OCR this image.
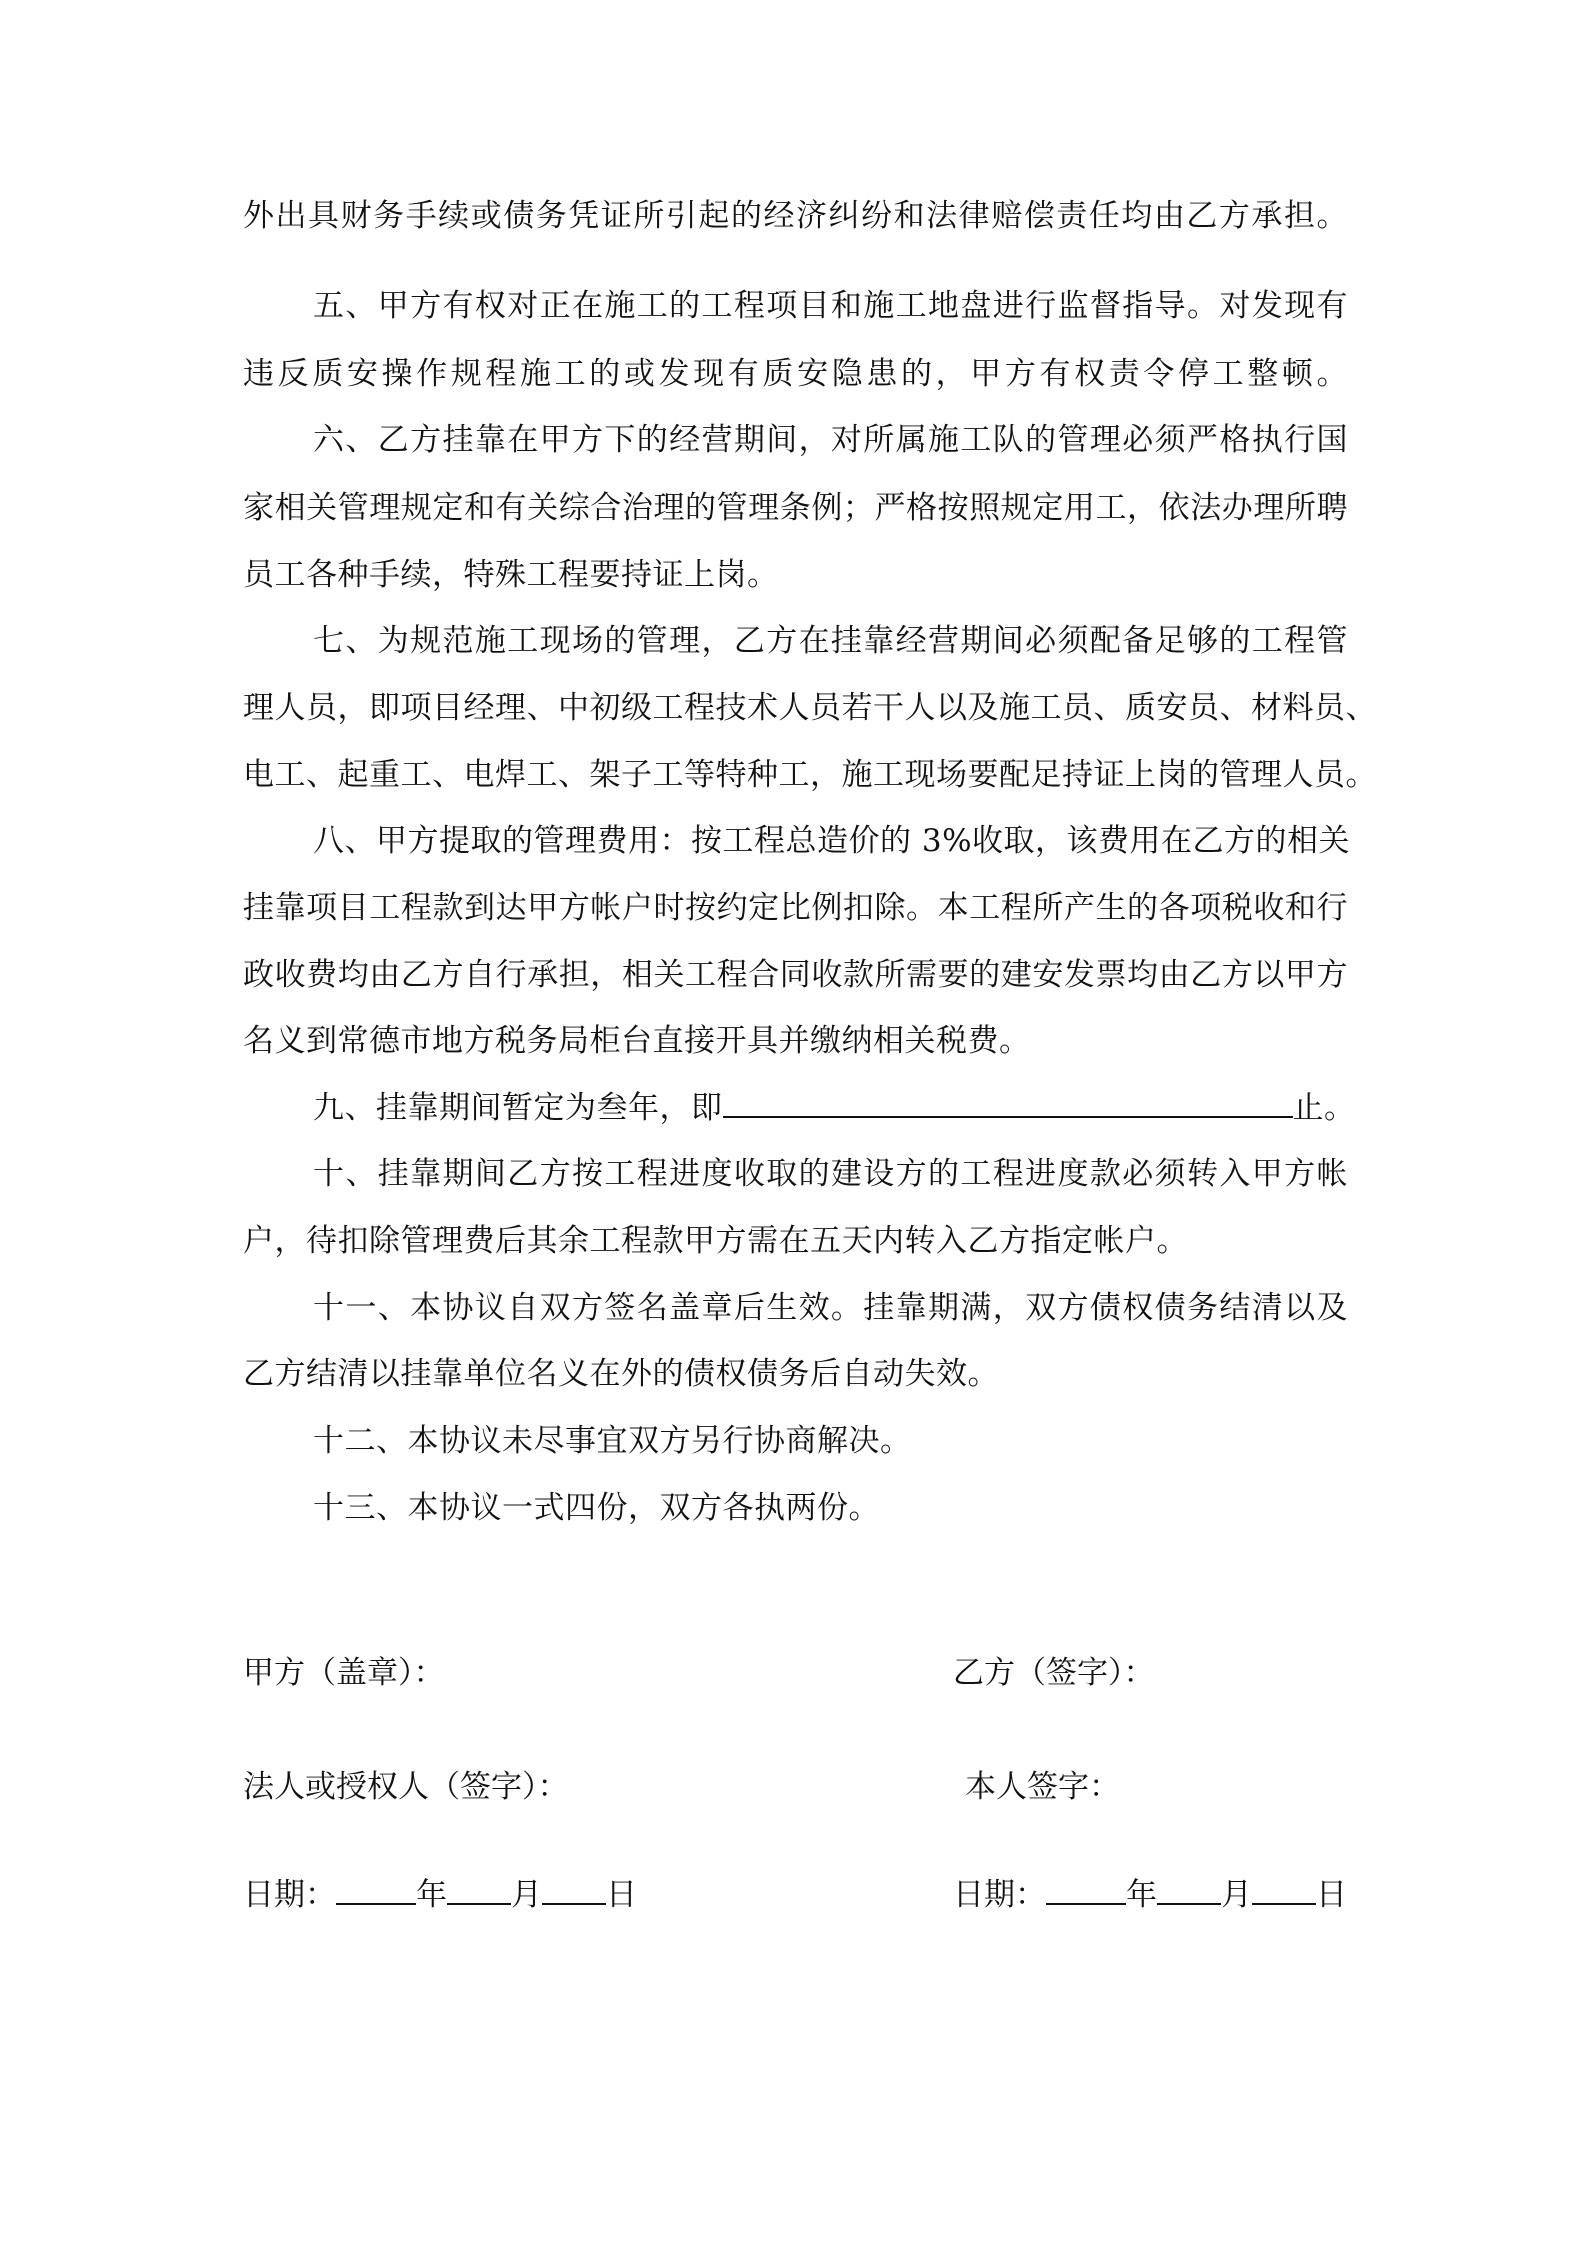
外出具财务手续或债务凭证所引起的经济纠纷和法律赔偿责任均由乙方承担。
五、甲方有权对正在施工的工程项目和施工地盘进行监督指导。对发现有
违反质安操作规程施工的或发现有质安隐患的，甲方有权责令停工整顿。
六、乙方挂靠在甲方下的经营期间，对所属施工队的管理必须严格执行国
家相关管理规定和有关综合治理的管理条例；严格按照规定用工，依法办理所聘
员工各种手续，特殊工程要持证上岗。
七、为规范施工现场的管理，乙方在挂靠经营期间必须配备足够的工程管
理人员，即项目经理、中初级工程技术人员若干人以及施工员、质安员、材料员、
电工、起重工、电焊工、架子工等特种工，施工现场要配足持证上岗的管理人员。
八、甲方提取的管理费用：按工程总造价的 3%收取，该费用在乙方的相关
挂靠项目工程款到达甲方帐户时按约定比例扣除。本工程所产生的各项税收和行
政收费均由乙方自行承担，相关工程合同收款所需要的建安发票均由乙方以甲方
名义到常德市地方税务局柜台直接开具并缴纳相关税费。
九、挂靠期间暂定为叁年，即	止。
十、挂靠期间乙方按工程进度收取的建设方的工程进度款必须转入甲方帐
户，待扣除管理费后其余工程款甲方需在五天内转入乙方指定帐户。
十一、本协议自双方签名盖章后生效。挂靠期满，双方债权债务结清以及
乙方结清以挂靠单位名义在外的债权债务后自动失效。
十二、本协议未尽事宜双方另行协商解决。
十三、本协议一式四份，双方各执两份。
甲方（盖章）：	乙方（签字）：
法人或授权人（签字）：	本人签字：
日期：	年 月 日	日期：	年 月 日
